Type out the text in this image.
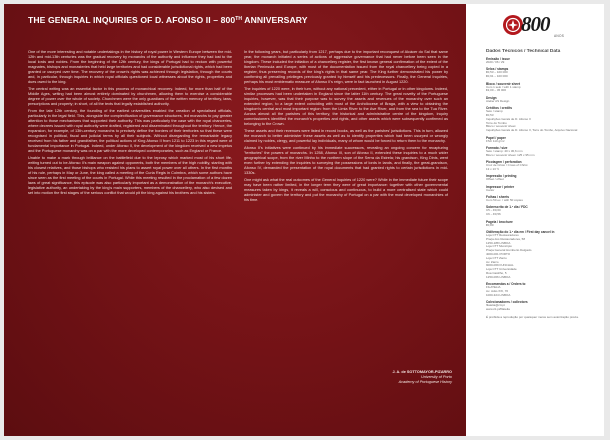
THE GENERAL INQUIRIES OF D. AFONSO II – 800TH ANNIVERSARY

One of the more interesting and notable undertakings in the history of royal power in Western Europe between the mid-12th and mid-13th centuries was the gradual recovery by monarchs of the authority and influence they had lost to the local lords and nobles. From the beginning of the 12th century, the kings of Portugal had to reckon with powerful magnates, bishops and monasteries that held large territories and had considerable jurisdictional rights, which had been granted or usurped over time. The recovery of the crown's rights was achieved through legislation, through the courts and, in particular, through inquiries in which royal officials questioned local witnesses about the rights, properties and dues owed to the king.

The central writing was an essential factor in this process of monarchical recovery. Indeed, for more than half of the Middle Ages, writing had been almost entirely dominated by churchmen, allowing them to exercise a considerable degree of power over the whole of society. Churchmen were the only guardians of the written memory of territory, laws, prescriptions and property; in short, of all the texts that legally established authority.

From the late 12th century, the founding of the earliest universities enabled the creation of specialised officials, particularly in the legal field. This, alongside the complexification of governance structures, led monarchs to pay greater attention to those mechanisms that supported their authority. This was particularly the case with the royal chanceries, where decrees issued with royal authority were drafted, registered and disseminated throughout the territory. Hence, the expansion, for example, of 13th-century monarchs to precisely define the borders of their territories so that these were recognised in political, fiscal and judicial terms by all their subjects. Without disregarding the remarkable legacy received from his father and grandfather, the political actions of King Afonso II from 1211 to 1223 in this regard were of fundamental importance in Portugal. Indeed, under Afonso II, the development of the kingdom received a new impetus and the Portuguese monarchy was on a par with the more developed contemporaries, such as England or France.

Unable to make a mark through brilliance on the battlefield due to the leprosy which marked most of his short life, writing turned out to be Afonso II's main weapon against opponents, both the members of the high nobility, starting with his closest relatives, and those bishops who resisted his plans to assert royal power over all others. In the first months of his rule, perhaps in May or June, the king called a meeting of the Curia Regis in Coimbra, which some authors have since seen as the first meeting of the courts in Portugal. While this meeting resulted in the proclamation of a few dozen laws of great significance, this episode was also particularly important as a demonstration of the monarch's executive, legislative authority, an undertaking by the king's main supporters, members of the chancellery, who also devised and set into motion the first stages of the serious conflict that would pit the king against his brothers and his sisters.

In the following years, but particularly from 1217, perhaps due to the important reconquest of Alcácer do Sal that same year, the monarch initiated a series of actions of aggressive governance that had never before been seen in the kingdom. These included the initiation of a chancellery register, the first known general confirmation of the extent of the Iberian Peninsula and Europe, with most of the documentation issued from the royal chancellery being copied in a register, thus preserving records of the king's rights in that same year. The King further demonstrated his power by confirming all prevailing privileges previously granted by himself and his predecessors. Finally, the General Inquiries, perhaps his most emblematic measure of Afonso II's reign, were in fact launched in August 1220.

The inquiries of 1220 were, in their turn, without any national precedent, either in Portugal or in other kingdoms. Indeed, similar processes had been undertaken in England since the latter 11th century. The great novelty of the Portuguese inquiries, however, was that their purpose was to survey the assets and revenues of the monarchy over such an extended region, to a large extent coinciding with most of the Archdiocese of Braga, with a view to obtaining the kingdom's central and most important region: from the Limia River to the Ave River, and from the sea to the Tua River. Across almost all the parishes of this territory, the historical and administrative centre of the kingdom, inquiry commissioners identified the monarch's properties and rights, and other assets which were subsequently confirmed as belonging to the Crown.

These assets and their revenues were listed in record books, as well as the parishes' jurisdictions. This in turn, allowed the monarch to better administer these assets as well as to identify properties which had been usurped or wrongly claimed by nobles, clergy, and powerful lay individuals, many of whom would be forced to return them to the monarchy.

Afonso II's initiatives were continued by his immediate successors, revealing an ongoing concern for recapturing "territories" the powers of monarchs. In 1258, Afonso III, son of Afonso II, extended these inquiries to a much wider geographical scope, from the river Minho to the northern slope of the Serra da Estrela; his grandson, King Dinis, went even further by extending the inquiries to surveying the possessions of lords in lands, and finally, the great-grandson, Afonso IV, demanded the presentation of the royal documents that had granted rights to certain jurisdictions in mid-1330s.

One might ask what the real outcomes of the General Inquiries of 1220 were? While in the immediate future their scope may have been rather limited, in the longer term they were of great importance: together with other governmental measures taken by kings, it reveals a will, conscious and continuous, to build a more centralised state which could administer and govern the territory and put the monarchy of Portugal on a par with the most developed monarchies of his time.

J. A. de SOTTOMAYOR-PIZARRO
University of Porto
Academy of Portuguese History
800 ANOS
Dados Técnicos / Technical Data
Emissão / issue
2020 / 06 / 29
Selos / stamps
€0,53 – 100 000
€0,91 – 100 000
Bloco / souvenir sheet
Com 1 selo / with 1 stamp
€2,00 – 45 000
Design
Atelier AS Design
Créditos / credits
Selo / stamp
€0,53
Inquirições Gerais de D. Afonso II
Torre do Tombo
Bloco / souvenir sheet
Inquirições Gerais de D. Afonso II, Torre do Tombo, Arquivo Nacional
Papel / paper
FSC 110 g/m²
Formato / size
Selo / stamp: 40 x 30,6 mm
Bloco / souvenir sheet: 125 x 95 mm
Picotagem / perforation
Cruz de Cristo / Cross of Christ
13 x 13 ½
Impressão / printing
Offset / offset
Impressor / printer
Cartor
Folhas / sheets
Com 50 ex. / with 50 copies
Sobrescrito de 1.º dia / FDC
C5 – €0,60
C6 – €0,56
Pagela / brochure
€0,80
Obliteração do 1.º dia em / First day cancel in
Loja CTT Restauradores
Praça dos Restauradores, 58
1250-188 LISBOA
Loja CTT Município
Praça General Humberto Delgado
4000-001 PORTO
Loja CTT Zarco
Av. Zarco
9000-069 FUNCHAL
Loja CTT Universidade
Rua Castilho, 5
1250-066 LISBOA
Encomendas a / Orders to
FILATELIA
Av. João XXI, 70
1000-324 LISBOA
Colecionadores / collectors
filatelia@ctt.pt
www.ctt.pt/filatelia
É proibida a reprodução por quaisquer meios sem autorização prévia.
